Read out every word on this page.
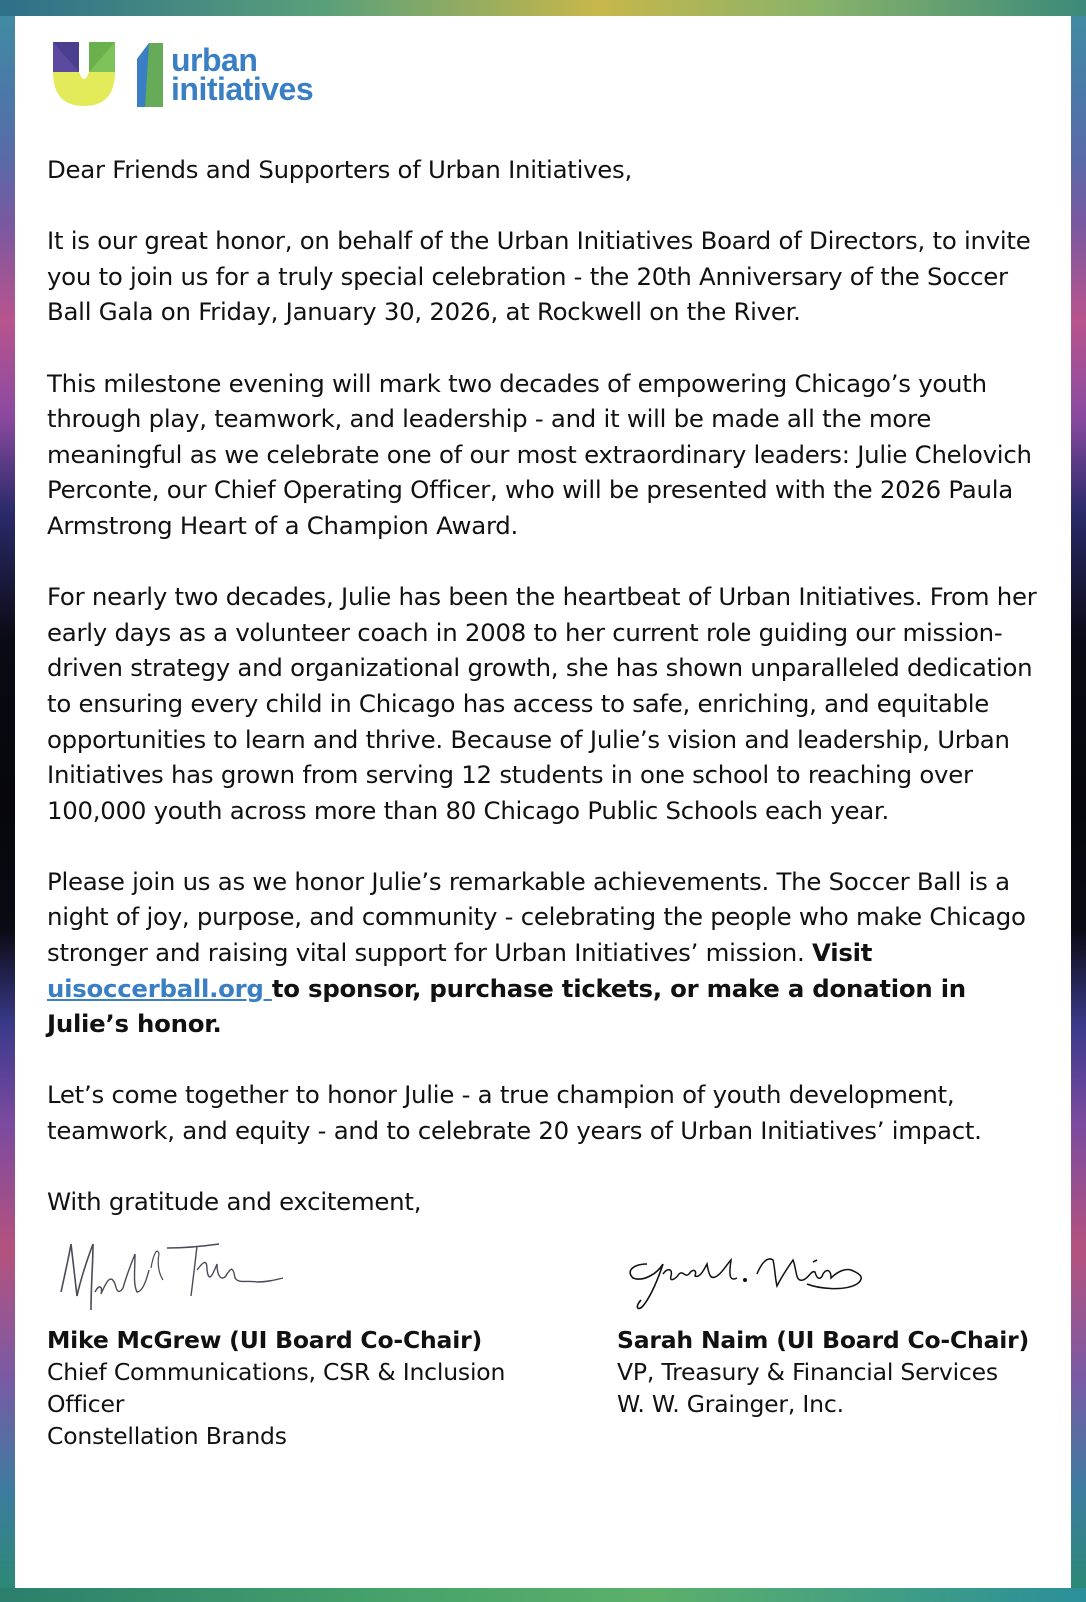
urban
initiatives

Dear Friends and Supporters of Urban Initiatives,

It is our great honor, on behalf of the Urban Initiatives Board of Directors, to invite you to join us for a truly special celebration - the 20th Anniversary of the Soccer Ball Gala on Friday, January 30, 2026, at Rockwell on the River.

This milestone evening will mark two decades of empowering Chicago’s youth through play, teamwork, and leadership - and it will be made all the more meaningful as we celebrate one of our most extraordinary leaders: Julie Chelovich Perconte, our Chief Operating Officer, who will be presented with the 2026 Paula Armstrong Heart of a Champion Award.

For nearly two decades, Julie has been the heartbeat of Urban Initiatives. From her early days as a volunteer coach in 2008 to her current role guiding our mission-driven strategy and organizational growth, she has shown unparalleled dedication to ensuring every child in Chicago has access to safe, enriching, and equitable opportunities to learn and thrive. Because of Julie’s vision and leadership, Urban Initiatives has grown from serving 12 students in one school to reaching over 100,000 youth across more than 80 Chicago Public Schools each year.

Please join us as we honor Julie’s remarkable achievements. The Soccer Ball is a night of joy, purpose, and community - celebrating the people who make Chicago stronger and raising vital support for Urban Initiatives’ mission. Visit uisoccerball.org to sponsor, purchase tickets, or make a donation in Julie’s honor.

Let’s come together to honor Julie - a true champion of youth development, teamwork, and equity - and to celebrate 20 years of Urban Initiatives’ impact.

With gratitude and excitement,

Mike McGrew (UI Board Co-Chair)
Chief Communications, CSR & Inclusion Officer
Constellation Brands
Sarah Naim (UI Board Co-Chair)
VP, Treasury & Financial Services
W. W. Grainger, Inc.
